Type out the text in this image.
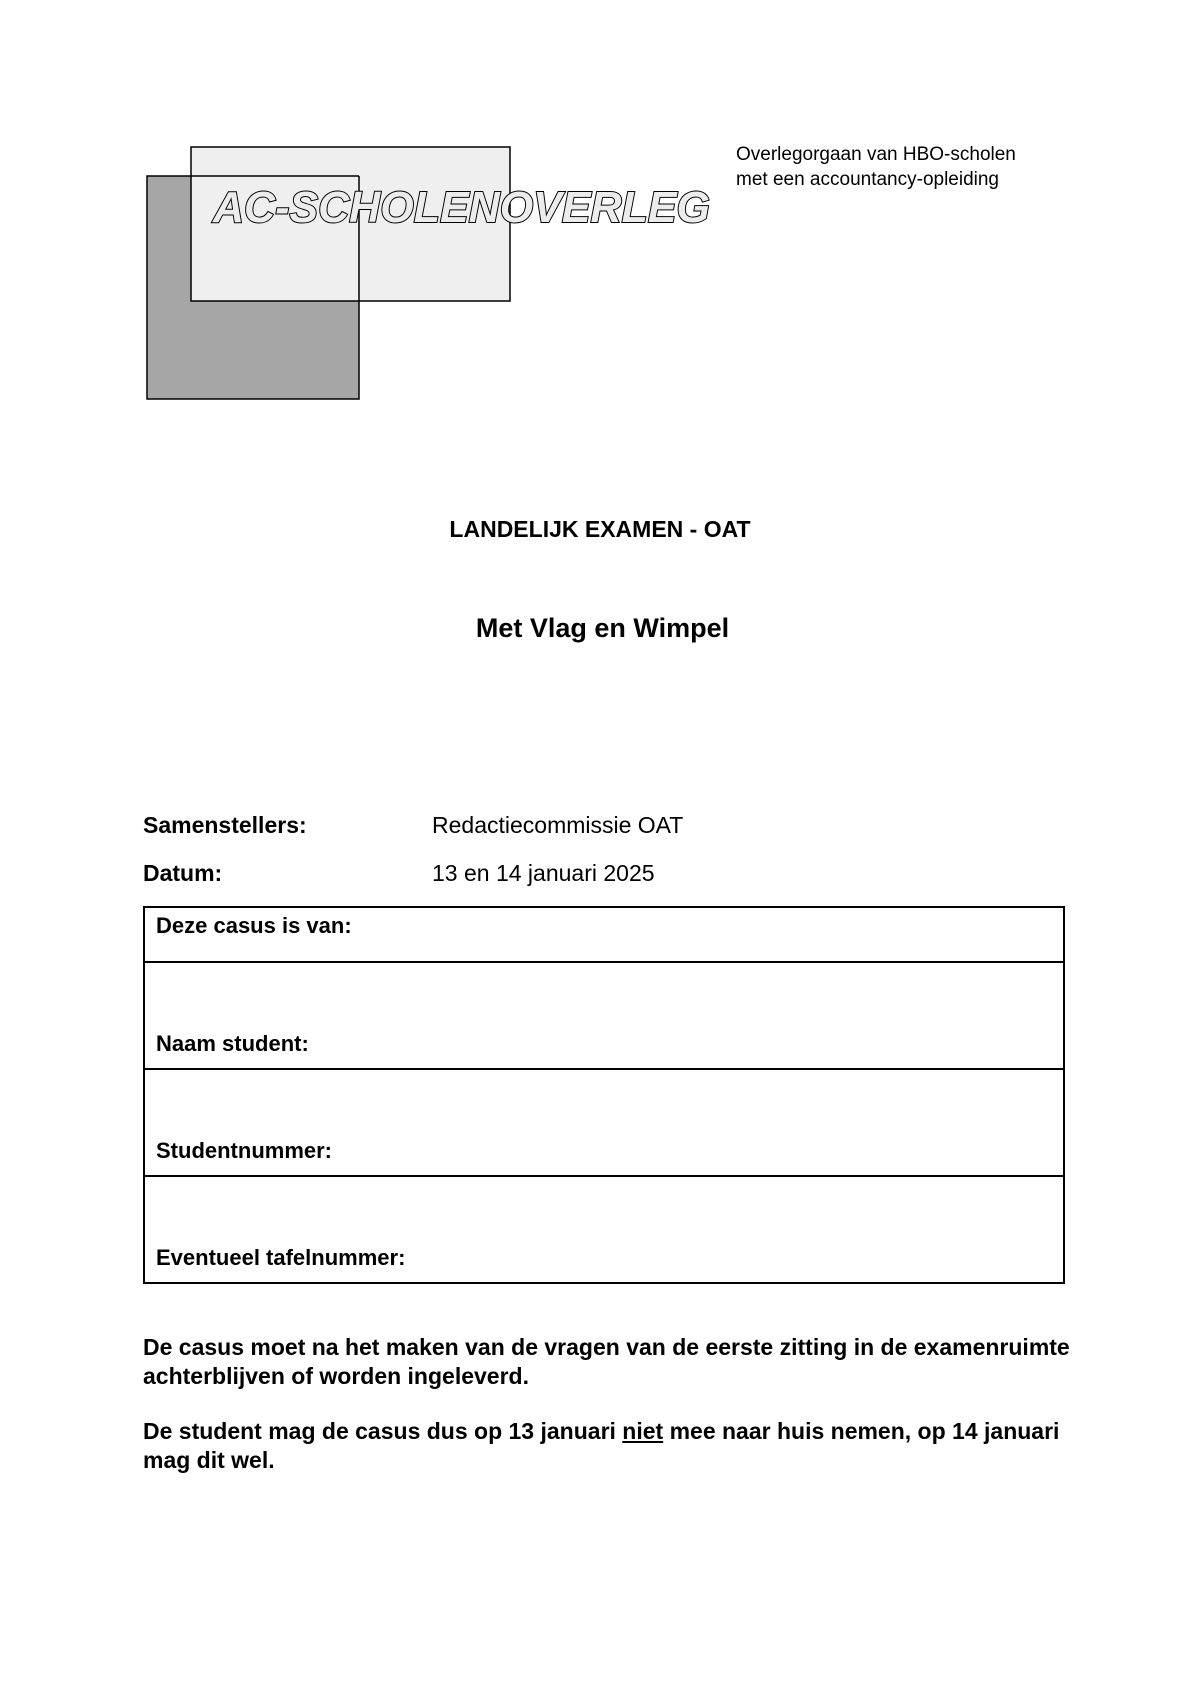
AC-SCHOLENOVERLEG
Overlegorgaan van HBO-scholen
met een accountancy-opleiding
LANDELIJK EXAMEN - OAT
Met Vlag en Wimpel
Samenstellers:	Redactiecommissie OAT
Datum:	13 en 14 januari 2025
Deze casus is van:
Naam student:
Studentnummer:
Eventueel tafelnummer:
De casus moet na het maken van de vragen van de eerste zitting in de examenruimte achterblijven of worden ingeleverd.
De student mag de casus dus op 13 januari niet mee naar huis nemen, op 14 januari mag dit wel.
